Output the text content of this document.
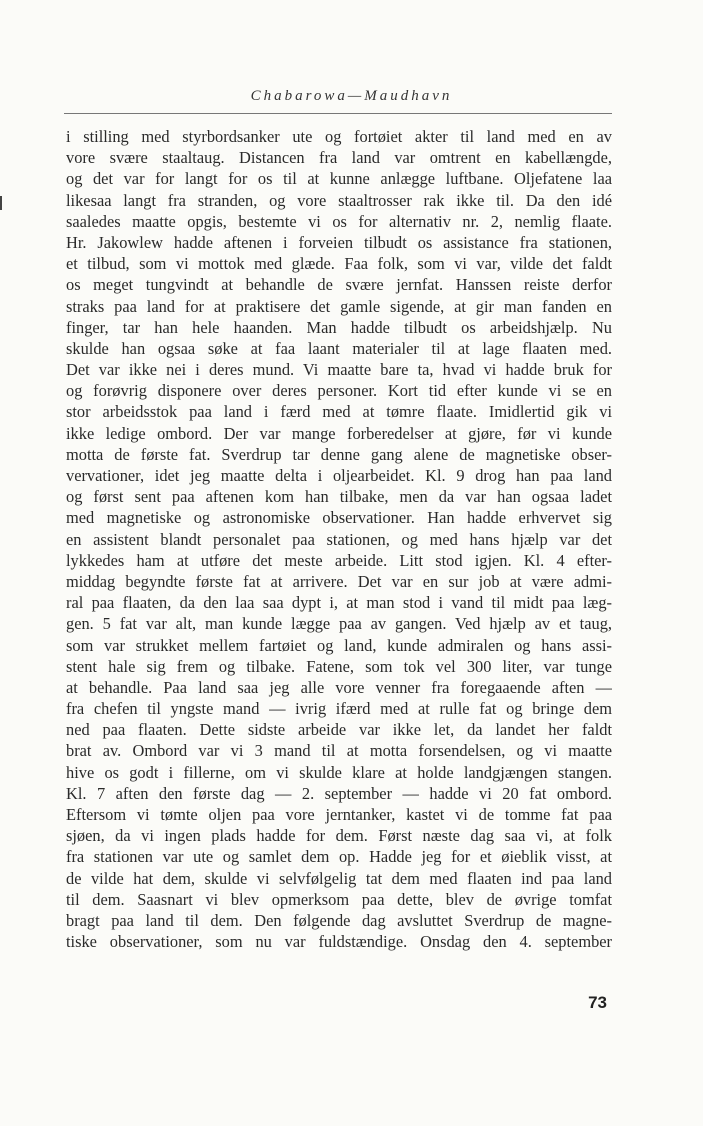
Chabarowa—Maudhavn
i stilling med styrbordsanker ute og fortøiet akter til land med en av
vore svære staaltaug. Distancen fra land var omtrent en kabellængde,
og det var for langt for os til at kunne anlægge luftbane. Oljefatene laa
likesaa langt fra stranden, og vore staaltrosser rak ikke til. Da den idé
saaledes maatte opgis, bestemte vi os for alternativ nr. 2, nemlig flaate.
Hr. Jakowlew hadde aftenen i forveien tilbudt os assistance fra stationen,
et tilbud, som vi mottok med glæde. Faa folk, som vi var, vilde det faldt
os meget tungvindt at behandle de svære jernfat. Hanssen reiste derfor
straks paa land for at praktisere det gamle sigende, at gir man fanden en
finger, tar han hele haanden. Man hadde tilbudt os arbeidshjælp. Nu
skulde han ogsaa søke at faa laant materialer til at lage flaaten med.
Det var ikke nei i deres mund. Vi maatte bare ta, hvad vi hadde bruk for
og forøvrig disponere over deres personer. Kort tid efter kunde vi se en
stor arbeidsstok paa land i færd med at tømre flaate. Imidlertid gik vi
ikke ledige ombord. Der var mange forberedelser at gjøre, før vi kunde
motta de første fat. Sverdrup tar denne gang alene de magnetiske obser-
vervationer, idet jeg maatte delta i oljearbeidet. Kl. 9 drog han paa land
og først sent paa aftenen kom han tilbake, men da var han ogsaa ladet
med magnetiske og astronomiske observationer. Han hadde erhvervet sig
en assistent blandt personalet paa stationen, og med hans hjælp var det
lykkedes ham at utføre det meste arbeide. Litt stod igjen. Kl. 4 efter-
middag begyndte første fat at arrivere. Det var en sur job at være admi-
ral paa flaaten, da den laa saa dypt i, at man stod i vand til midt paa læg-
gen. 5 fat var alt, man kunde lægge paa av gangen. Ved hjælp av et taug,
som var strukket mellem fartøiet og land, kunde admiralen og hans assi-
stent hale sig frem og tilbake. Fatene, som tok vel 300 liter, var tunge
at behandle. Paa land saa jeg alle vore venner fra foregaaende aften —
fra chefen til yngste mand — ivrig ifærd med at rulle fat og bringe dem
ned paa flaaten. Dette sidste arbeide var ikke let, da landet her faldt
brat av. Ombord var vi 3 mand til at motta forsendelsen, og vi maatte
hive os godt i fillerne, om vi skulde klare at holde landgjængen stangen.
Kl. 7 aften den første dag — 2. september — hadde vi 20 fat ombord.
Eftersom vi tømte oljen paa vore jerntanker, kastet vi de tomme fat paa
sjøen, da vi ingen plads hadde for dem. Først næste dag saa vi, at folk
fra stationen var ute og samlet dem op. Hadde jeg for et øieblik visst, at
de vilde hat dem, skulde vi selvfølgelig tat dem med flaaten ind paa land
til dem. Saasnart vi blev opmerksom paa dette, blev de øvrige tomfat
bragt paa land til dem. Den følgende dag avsluttet Sverdrup de magne-
tiske observationer, som nu var fuldstændige. Onsdag den 4. september
73
